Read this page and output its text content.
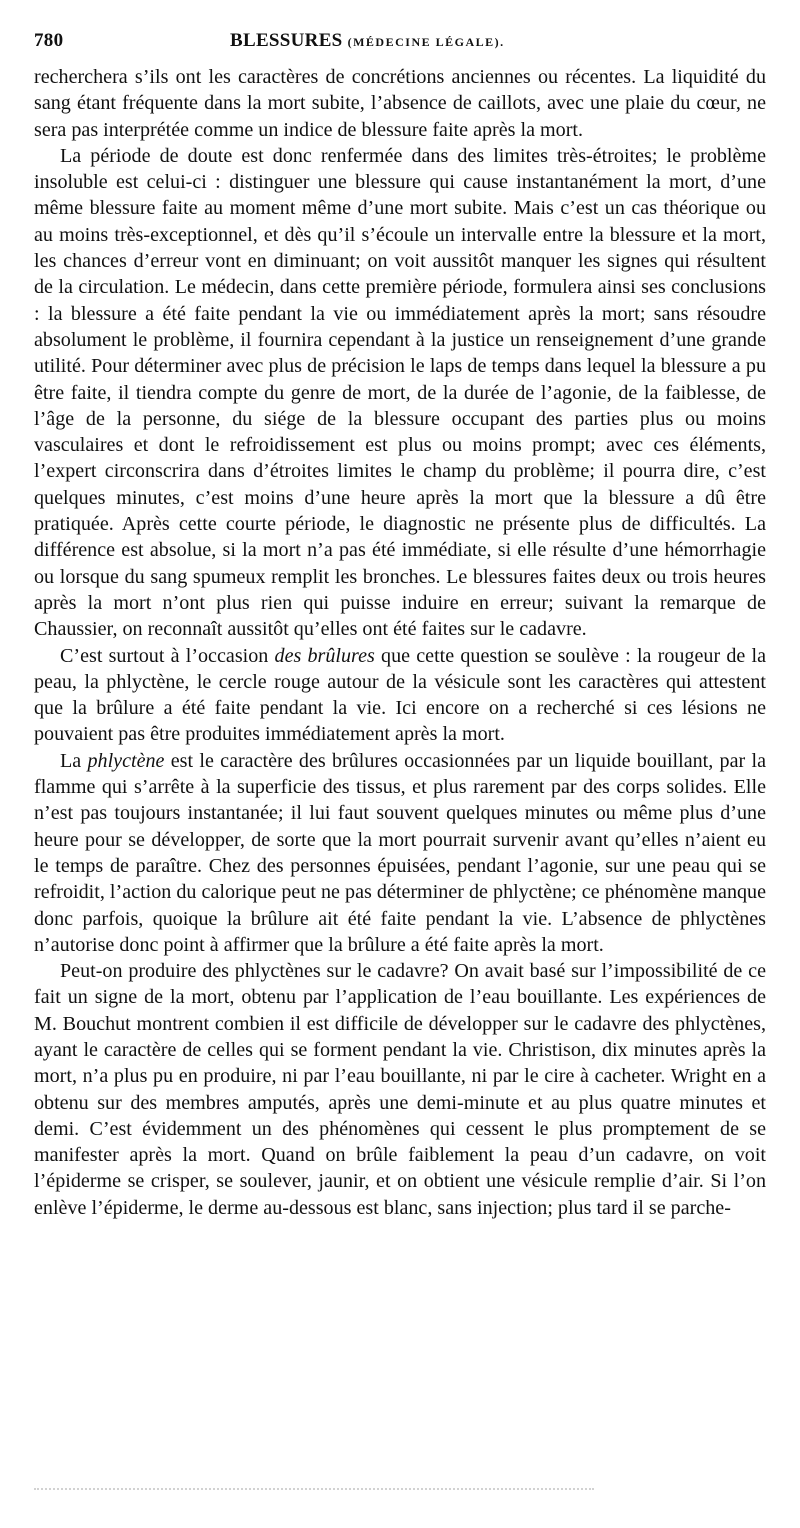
780	BLESSURES (MÉDECINE LÉGALE).

recherchera s’ils ont les caractères de concrétions anciennes ou récentes. La liquidité du sang étant fréquente dans la mort subite, l’absence de caillots, avec une plaie du cœur, ne sera pas interprétée comme un indice de blessure faite après la mort.

La période de doute est donc renfermée dans des limites très-étroites; le problème insoluble est celui-ci : distinguer une blessure qui cause instantanément la mort, d’une même blessure faite au moment même d’une mort subite. Mais c’est un cas théorique ou au moins très-exceptionnel, et dès qu’il s’écoule un intervalle entre la blessure et la mort, les chances d’erreur vont en diminuant; on voit aussitôt manquer les signes qui résultent de la circulation. Le médecin, dans cette première période, formulera ainsi ses conclusions : la blessure a été faite pendant la vie ou immédiatement après la mort; sans résoudre absolument le problème, il fournira cependant à la justice un renseignement d’une grande utilité. Pour déterminer avec plus de précision le laps de temps dans lequel la blessure a pu être faite, il tiendra compte du genre de mort, de la durée de l’agonie, de la faiblesse, de l’âge de la personne, du siége de la blessure occupant des parties plus ou moins vasculaires et dont le refroidissement est plus ou moins prompt; avec ces éléments, l’expert circonscrira dans d’étroites limites le champ du problème; il pourra dire, c’est quelques minutes, c’est moins d’une heure après la mort que la blessure a dû être pratiquée. Après cette courte période, le diagnostic ne présente plus de difficultés. La différence est absolue, si la mort n’a pas été immédiate, si elle résulte d’une hémorrhagie ou lorsque du sang spumeux remplit les bronches. Le blessures faites deux ou trois heures après la mort n’ont plus rien qui puisse induire en erreur; suivant la remarque de Chaussier, on reconnaît aussitôt qu’elles ont été faites sur le cadavre.

C’est surtout à l’occasion des brûlures que cette question se soulève : la rougeur de la peau, la phlyctène, le cercle rouge autour de la vésicule sont les caractères qui attestent que la brûlure a été faite pendant la vie. Ici encore on a recherché si ces lésions ne pouvaient pas être produites immédiatement après la mort.

La phlyctène est le caractère des brûlures occasionnées par un liquide bouillant, par la flamme qui s’arrête à la superficie des tissus, et plus rarement par des corps solides. Elle n’est pas toujours instantanée; il lui faut souvent quelques minutes ou même plus d’une heure pour se développer, de sorte que la mort pourrait survenir avant qu’elles n’aient eu le temps de paraître. Chez des personnes épuisées, pendant l’agonie, sur une peau qui se refroidit, l’action du calorique peut ne pas déterminer de phlyctène; ce phénomène manque donc parfois, quoique la brûlure ait été faite pendant la vie. L’absence de phlyctènes n’autorise donc point à affirmer que la brûlure a été faite après la mort.

Peut-on produire des phlyctènes sur le cadavre? On avait basé sur l’impossibilité de ce fait un signe de la mort, obtenu par l’application de l’eau bouillante. Les expériences de M. Bouchut montrent combien il est difficile de développer sur le cadavre des phlyctènes, ayant le caractère de celles qui se forment pendant la vie. Christison, dix minutes après la mort, n’a plus pu en produire, ni par l’eau bouillante, ni par le cire à cacheter. Wright en a obtenu sur des membres amputés, après une demi-minute et au plus quatre minutes et demi. C’est évidemment un des phénomènes qui cessent le plus promptement de se manifester après la mort. Quand on brûle faiblement la peau d’un cadavre, on voit l’épiderme se crisper, se soulever, jaunir, et on obtient une vésicule remplie d’air. Si l’on enlève l’épiderme, le derme au-dessous est blanc, sans injection; plus tard il se parche-
